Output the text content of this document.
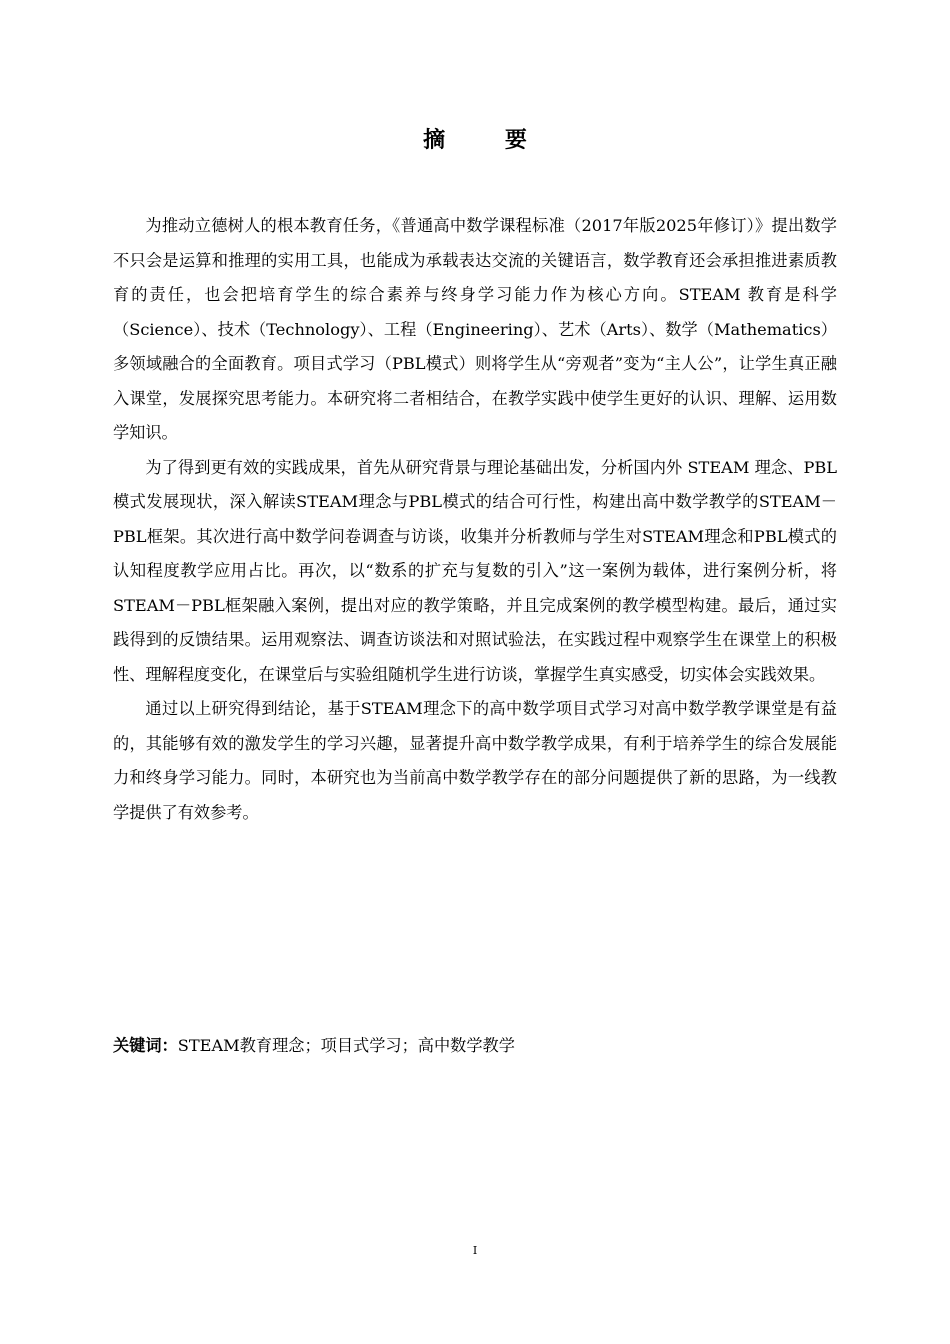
摘 要

为推动立德树人的根本教育任务，《普通高中数学课程标准（2017年版2025年修订）》提出数学不只会是运算和推理的实用工具，也能成为承载表达交流的关键语言，数学教育还会承担推进素质教育的责任，也会把培育学生的综合素养与终身学习能力作为核心方向。STEAM 教育是科学（Science）、技术（Technology）、工程（Engineering）、艺术（Arts）、数学（Mathematics）多领域融合的全面教育。项目式学习（PBL模式）则将学生从“旁观者”变为“主人公”，让学生真正融入课堂，发展探究思考能力。本研究将二者相结合，在教学实践中使学生更好的认识、理解、运用数学知识。

为了得到更有效的实践成果，首先从研究背景与理论基础出发，分析国内外 STEAM 理念、PBL模式发展现状，深入解读STEAM理念与PBL模式的结合可行性，构建出高中数学教学的STEAM－PBL框架。其次进行高中数学问卷调查与访谈，收集并分析教师与学生对STEAM理念和PBL模式的认知程度教学应用占比。再次，以“数系的扩充与复数的引入”这一案例为载体，进行案例分析，将STEAM－PBL框架融入案例，提出对应的教学策略，并且完成案例的教学模型构建。最后，通过实践得到的反馈结果。运用观察法、调查访谈法和对照试验法，在实践过程中观察学生在课堂上的积极性、理解程度变化，在课堂后与实验组随机学生进行访谈，掌握学生真实感受，切实体会实践效果。

通过以上研究得到结论，基于STEAM理念下的高中数学项目式学习对高中数学教学课堂是有益的，其能够有效的激发学生的学习兴趣，显著提升高中数学教学成果，有利于培养学生的综合发展能力和终身学习能力。同时，本研究也为当前高中数学教学存在的部分问题提供了新的思路，为一线教学提供了有效参考。

关键词：STEAM教育理念；项目式学习；高中数学教学
I
